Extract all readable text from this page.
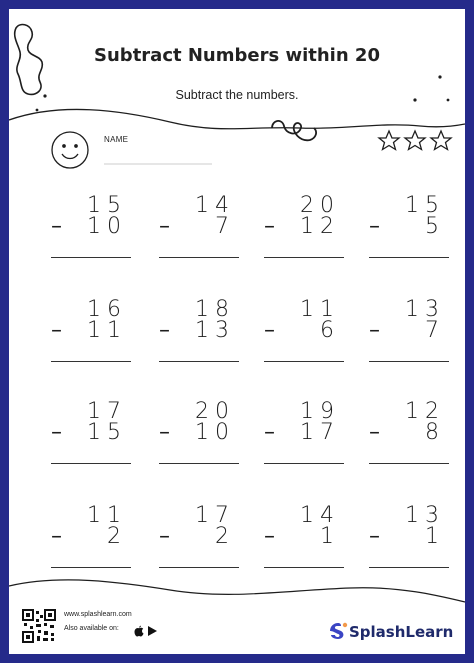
Subtract Numbers within 20
Subtract the numbers.
NAME
15
– 10
14
– 7
20
– 12
15
– 5
16
– 11
18
– 13
11
– 6
13
– 7
17
– 15
20
– 10
19
– 17
12
– 8
11
– 2
17
– 2
14
– 1
13
– 1
www.splashlearn.com
Also available on:	SplashLearn
